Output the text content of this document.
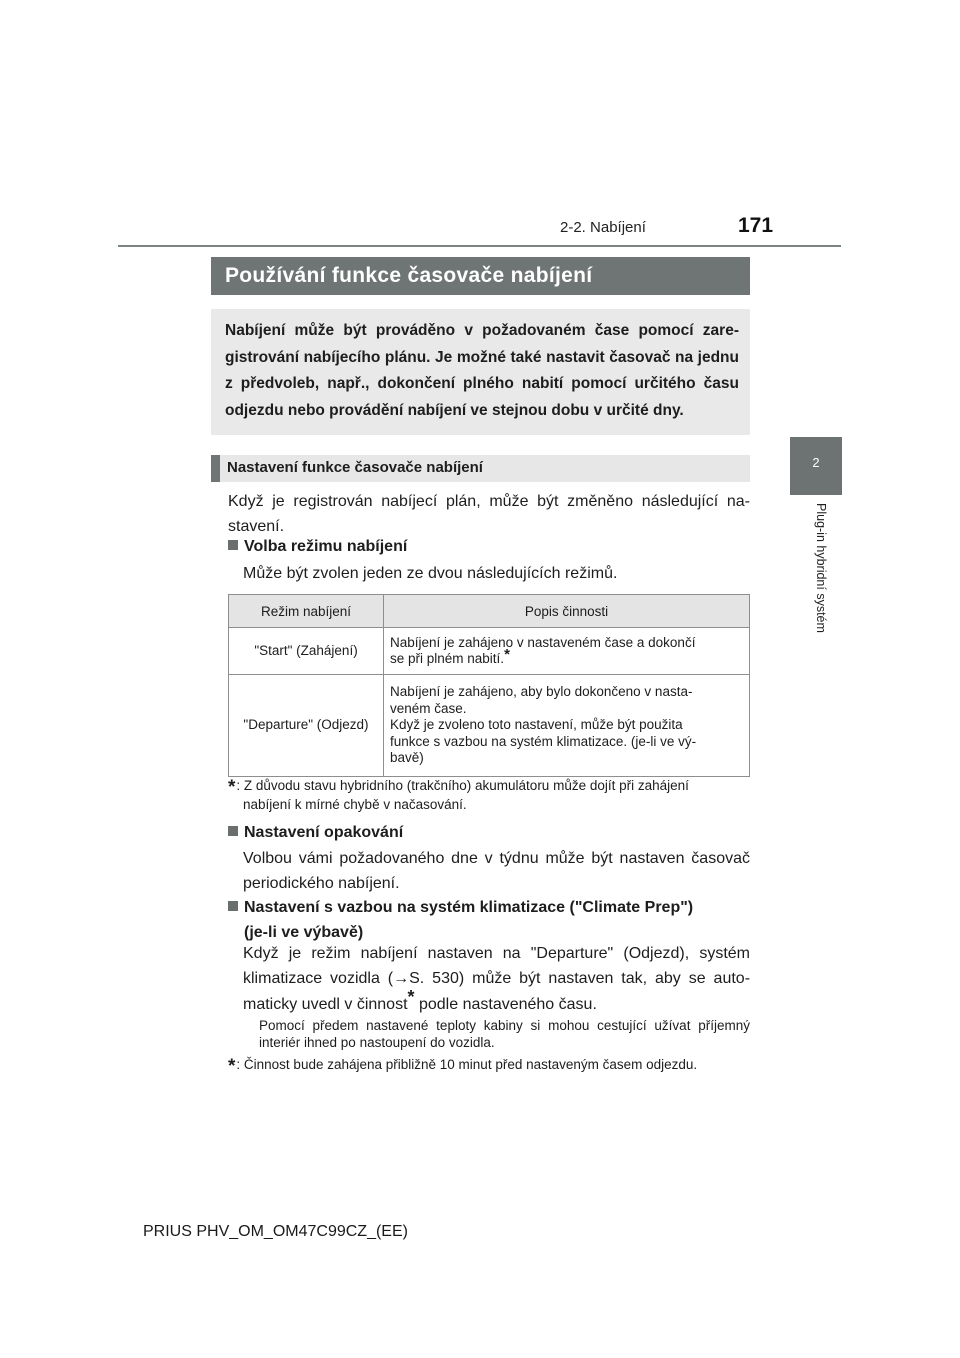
2-2. Nabíjení	171
2
Plug-in hybridní systém
Používání funkce časovače nabíjení
Nabíjení může být prováděno v požadovaném čase pomocí zaregistrování nabíjecího plánu. Je možné také nastavit časovač na jednu z předvoleb, např., dokončení plného nabití pomocí určitého času odjezdu nebo provádění nabíjení ve stejnou dobu v určité dny.
Nastavení funkce časovače nabíjení
Když je registrován nabíjecí plán, může být změněno následující nastavení.
Volba režimu nabíjení
Může být zvolen jeden ze dvou následujících režimů.
Režim nabíjení	Popis činnosti
"Start" (Zahájení)	Nabíjení je zahájeno v nastaveném čase a dokončí
se při plném nabití.*
"Departure" (Odjezd)	Nabíjení je zahájeno, aby bylo dokončeno v nasta-
veném čase.
Když je zvoleno toto nastavení, může být použita
funkce s vazbou na systém klimatizace. (je-li ve vý-
bavě)
*: Z důvodu stavu hybridního (trakčního) akumulátoru může dojít při zahájení
nabíjení k mírné chybě v načasování.
Nastavení opakování
Volbou vámi požadovaného dne v týdnu může být nastaven časovač periodického nabíjení.
Nastavení s vazbou na systém klimatizace ("Climate Prep")
(je-li ve výbavě)
Když je režim nabíjení nastaven na "Departure" (Odjezd), systém klimatizace vozidla (→S. 530) může být nastaven tak, aby se automaticky uvedl v činnost* podle nastaveného času.
Pomocí předem nastavené teploty kabiny si mohou cestující užívat příjemný interiér ihned po nastoupení do vozidla.
*: Činnost bude zahájena přibližně 10 minut před nastaveným časem odjezdu.
PRIUS PHV_OM_OM47C99CZ_(EE)
